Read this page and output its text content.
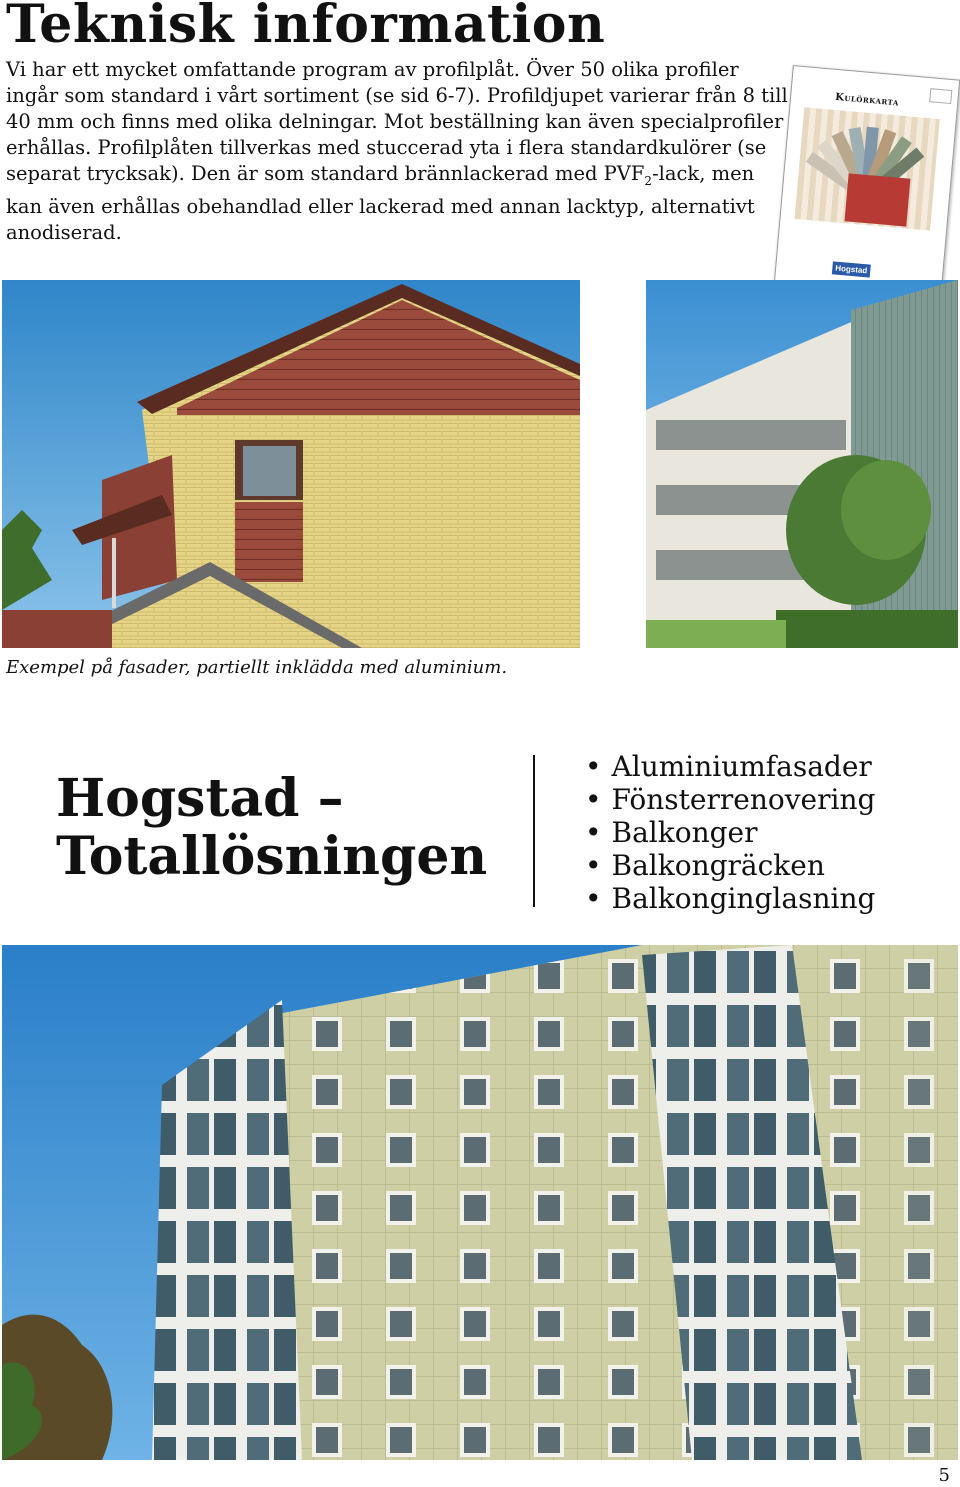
Teknisk information

Vi har ett mycket omfattande program av profilplåt. Över 50 olika profiler ingår som standard i vårt sortiment (se sid 6-7). Profildjupet varierar från 8 till 40 mm och finns med olika delningar. Mot beställning kan även specialprofiler erhållas. Profilplåten tillverkas med stuccerad yta i flera standardkulörer (se separat trycksak). Den är som standard brännlackerad med $PVF_2$-lack, men kan även erhållas obehandlad eller lackerad med annan lacktyp, alternativt anodiserad.

Kulörkarta
Hogstad

Exempel på fasader, partiellt inklädda med aluminium.

Hogstad –
Totallösningen
• Aluminiumfasader
• Fönsterrenovering
• Balkonger
• Balkongräcken
• Balkonginglasning
5
